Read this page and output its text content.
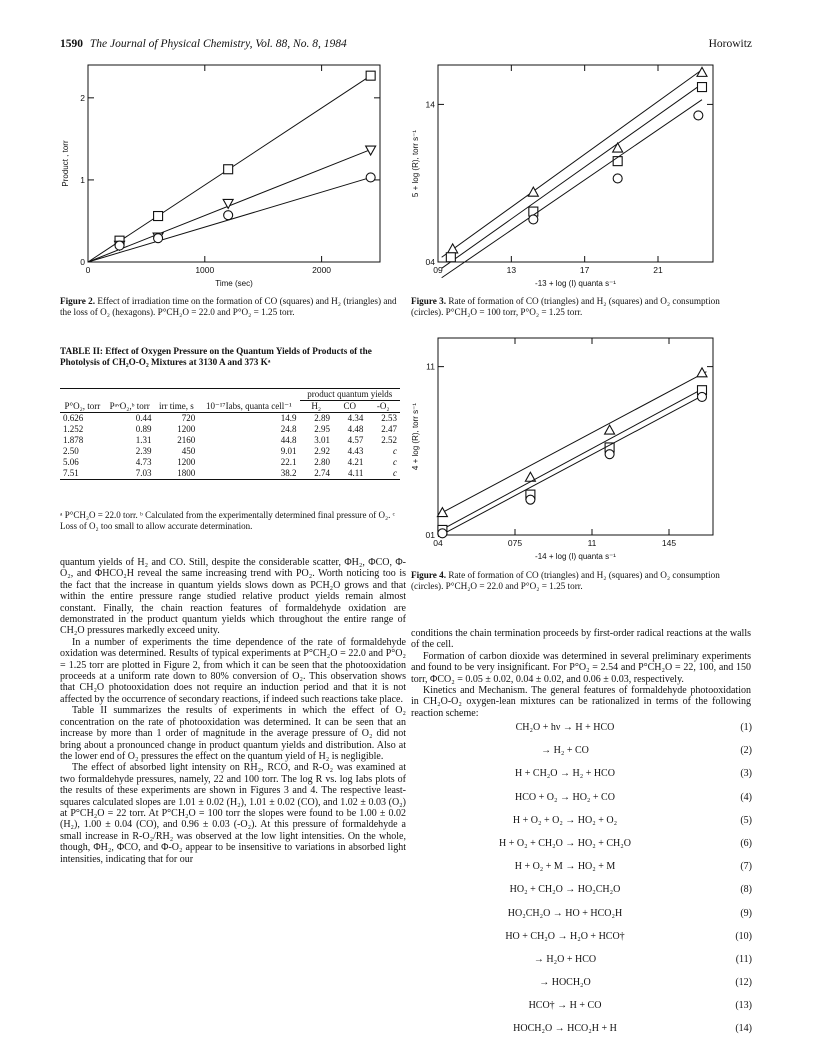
1590 The Journal of Physical Chemistry, Vol. 88, No. 8, 1984	Horowitz
0	1000	2000
0
1
2
Time (sec)
Product , torr
09	13	17	21
04
14
-13 + log (I) quanta s⁻¹
5 + log (R), torr s⁻¹
04	075	11	145
01
11
-14 + log (I) quanta s⁻¹
4 + log (R), torr s⁻¹
Figure 2. Effect of irradiation time on the formation of CO (squares) and H₂ (triangles) and the loss of O₂ (hexagons). P°CH₂O = 22.0 and P°O₂ = 1.25 torr.
Figure 3. Rate of formation of CO (triangles) and H₂ (squares) and O₂ consumption (circles). P°CH₂O = 100 torr, P°O₂ = 1.25 torr.
Figure 4. Rate of formation of CO (triangles) and H₂ (squares) and O₂ consumption (circles). P°CH₂O = 22.0 and P°O₂ = 1.25 torr.
TABLE II: Effect of Oxygen Pressure on the Quantum Yields of Products of the Photolysis of CH₂O-O₂ Mixtures at 3130 A and 373 Kᵃ
P°O₂, torr	PᵃᵛO₂,ᵇ torr	irr time, s	10⁻¹⁷Iabs, quanta cell⁻¹	product quantum yields		
				H₂	CO	-O₂
0.626	0.44	720	14.9	2.89	4.34	2.53
1.252	0.89	1200	24.8	2.95	4.48	2.47
1.878	1.31	2160	44.8	3.01	4.57	2.52
2.50	2.39	450	9.01	2.92	4.43	c
5.06	4.73	1200	22.1	2.80	4.21	c
7.51	7.03	1800	38.2	2.74	4.11	c
ᵃ P°CH₂O = 22.0 torr. ᵇ Calculated from the experimentally determined final pressure of O₂. ᶜ Loss of O₂ too small to allow accurate determination.

quantum yields of H₂ and CO. Still, despite the considerable scatter, ΦH₂, ΦCO, Φ-O₂, and ΦHCO₂H reveal the same increasing trend with PO₂. Worth noticing too is the fact that the increase in quantum yields slows down as PCH₂O grows and that within the entire pressure range studied relative product yields remain almost constant. Finally, the chain reaction features of formaldehyde oxidation are demonstrated in the product quantum yields which throughout the entire range of CH₂O pressures markedly exceed unity.

In a number of experiments the time dependence of the rate of formaldehyde oxidation was determined. Results of typical experiments at P°CH₂O = 22.0 and P°O₂ = 1.25 torr are plotted in Figure 2, from which it can be seen that the photooxidation proceeds at a uniform rate down to 80% conversion of O₂. This observation shows that CH₂O photooxidation does not require an induction period and that it is not affected by the occurrence of secondary reactions, if indeed such reactions take place.

Table II summarizes the results of experiments in which the effect of O₂ concentration on the rate of photooxidation was determined. It can be seen that an increase by more than 1 order of magnitude in the average pressure of O₂ did not bring about a pronounced change in product quantum yields and distribution. Also at the lower end of O₂ pressures the effect on the quantum yield of H₂ is negligible.

The effect of absorbed light intensity on RH₂, RCO, and R-O₂ was examined at two formaldehyde pressures, namely, 22 and 100 torr. The log R vs. log Iabs plots of the results of these experiments are shown in Figures 3 and 4. The respective least-squares calculated slopes are 1.01 ± 0.02 (H₂), 1.01 ± 0.02 (CO), and 1.02 ± 0.03 (O₂) at P°CH₂O = 22 torr. At P°CH₂O = 100 torr the slopes were found to be 1.00 ± 0.02 (H₂), 1.00 ± 0.04 (CO), and 0.96 ± 0.03 (-O₂). At this pressure of formaldehyde a small increase in R-O₂/RH₂ was observed at the low light intensities. On the whole, though, ΦH₂, ΦCO, and Φ-O₂ appear to be insensitive to variations in absorbed light intensities, indicating that for our

conditions the chain termination proceeds by first-order radical reactions at the walls of the cell.

Formation of carbon dioxide was determined in several preliminary experiments and found to be very insignificant. For P°O₂ = 2.54 and P°CH₂O = 22, 100, and 150 torr, ΦCO₂ = 0.05 ± 0.02, 0.04 ± 0.02, and 0.06 ± 0.03, respectively.

Kinetics and Mechanism. The general features of formaldehyde photooxidation in CH₂O-O₂ oxygen-lean mixtures can be rationalized in terms of the following reaction scheme:

CH₂O + hν → H + HCO	(1)
→ H₂ + CO	(2)
H + CH₂O → H₂ + HCO	(3)
HCO + O₂ → HO₂ + CO	(4)
H + O₂ + O₂ → HO₂ + O₂	(5)
H + O₂ + CH₂O → HO₂ + CH₂O	(6)
H + O₂ + M → HO₂ + M	(7)
HO₂ + CH₂O → HO₂CH₂O	(8)
HO₂CH₂O → HO + HCO₂H	(9)
HO + CH₂O → H₂O + HCO†	(10)
→ H₂O + HCO	(11)
→ HOCH₂O	(12)
HCO† → H + CO	(13)
HOCH₂O → HCO₂H + H	(14)
